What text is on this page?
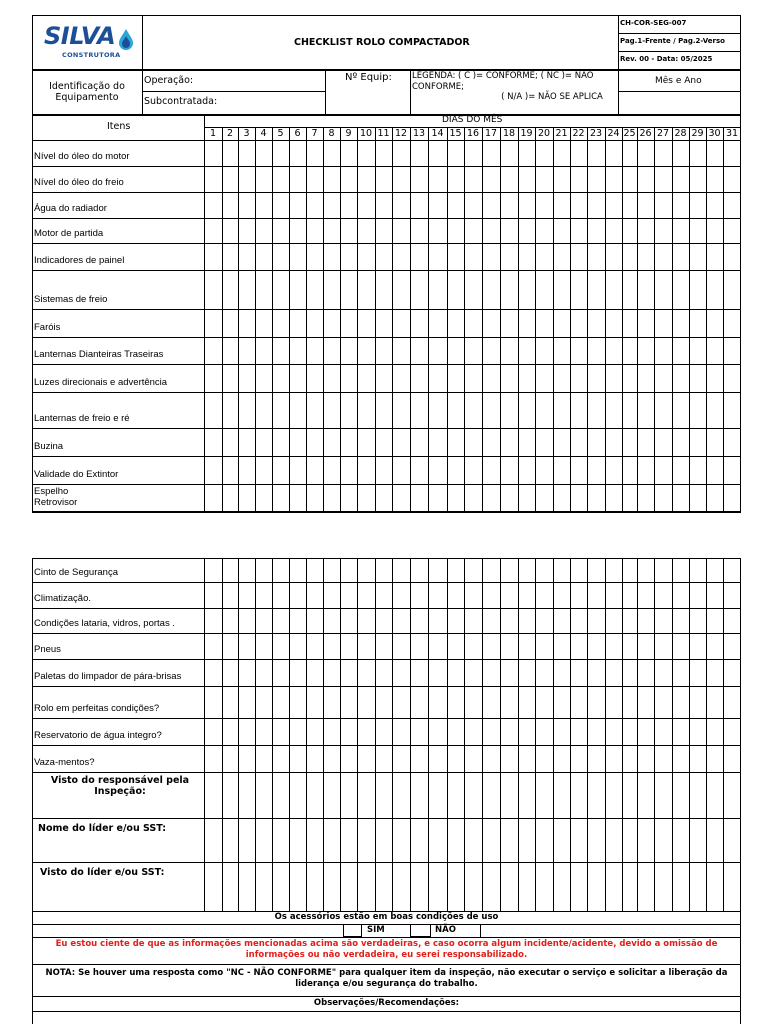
SILVA
CONSTRUTORA
CHECKLIST ROLO COMPACTADOR
CH-COR-SEG-007
Pag.1-Frente / Pag.2-Verso
Rev. 00 - Data: 05/2025
Identificação do Equipamento
Operação:
Subcontratada:
Nº Equip: LEGENDA: ( C )= CONFORME; ( NC )= NÃO CONFORME;
( N/A )= NÃO SE APLICA
Mês e Ano
Itens
DIAS DO MÊS
1	2	3	4	5	6	7	8	9 10 11 12 13 14 15 16 17 18 19 20 21 22 23 24 25 26 27 28 29 30 31
Nível do óleo do motor
Nível do óleo do freio
Água do radiador
Motor de partida
Indicadores de painel
Sistemas de freio
Faróis
Lanternas Dianteiras Traseiras
Luzes direcionais e advertência
Lanternas de freio e ré
Buzina
Validade do Extintor
Espelho Retrovisor
Cinto de Segurança
Climatização.
Condições lataria, vidros, portas .
Pneus
Paletas do limpador de pára-brisas
Rolo em perfeitas condições?
Reservatorio de água integro?
Vaza-mentos?
Visto do responsável pela Inspeção:
Nome do líder e/ou SST:
Visto do líder e/ou SST:
Os acessórios estão em boas condições de uso
SIM	NÃO
Eu estou ciente de que as informações mencionadas acima são verdadeiras, e caso ocorra algum incidente/acidente, devido a omissão de informações ou não verdadeira, eu serei responsabilizado.
NOTA: Se houver uma resposta como "NC - NÃO CONFORME" para qualquer item da inspeção, não executar o serviço e solicitar a liberação da liderança e/ou segurança do trabalho.
Observações/Recomendações:
